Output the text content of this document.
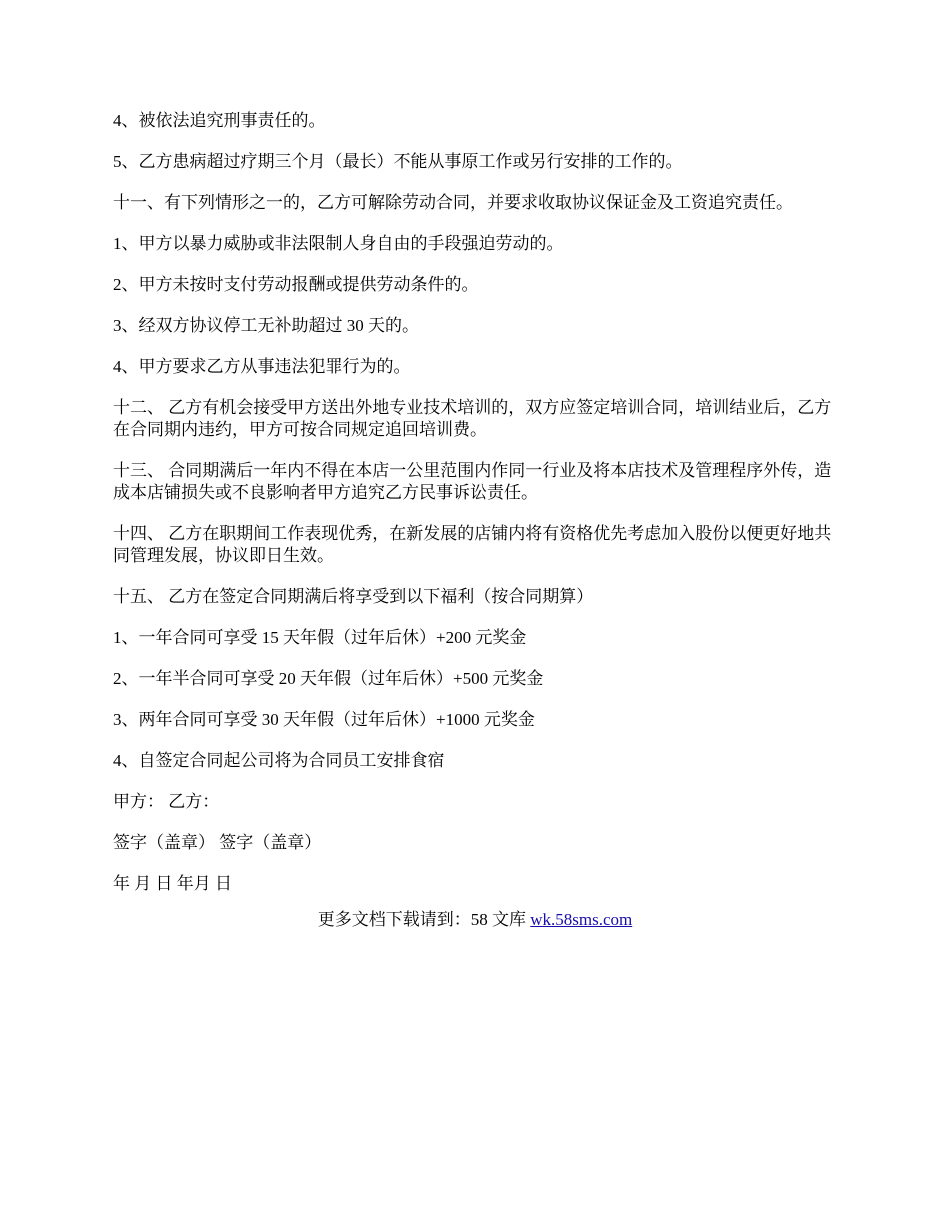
4、被依法追究刑事责任的。

5、乙方患病超过疗期三个月（最长）不能从事原工作或另行安排的工作的。

十一、有下列情形之一的，乙方可解除劳动合同，并要求收取协议保证金及工资追究责任。

1、甲方以暴力威胁或非法限制人身自由的手段强迫劳动的。

2、甲方未按时支付劳动报酬或提供劳动条件的。

3、经双方协议停工无补助超过 30 天的。

4、甲方要求乙方从事违法犯罪行为的。

十二、 乙方有机会接受甲方送出外地专业技术培训的，双方应签定培训合同，培训结业后，乙方在合同期内违约，甲方可按合同规定追回培训费。

十三、 合同期满后一年内不得在本店一公里范围内作同一行业及将本店技术及管理程序外传，造成本店铺损失或不良影响者甲方追究乙方民事诉讼责任。

十四、 乙方在职期间工作表现优秀，在新发展的店铺内将有资格优先考虑加入股份以便更好地共同管理发展，协议即日生效。

十五、 乙方在签定合同期满后将享受到以下福利（按合同期算）

1、一年合同可享受 15 天年假（过年后休）+200 元奖金

2、一年半合同可享受 20 天年假（过年后休）+500 元奖金

3、两年合同可享受 30 天年假（过年后休）+1000 元奖金

4、自签定合同起公司将为合同员工安排食宿

甲方： 乙方：

签字（盖章） 签字（盖章）

年 月 日 年月 日

更多文档下载请到：58 文库 wk.58sms.com
